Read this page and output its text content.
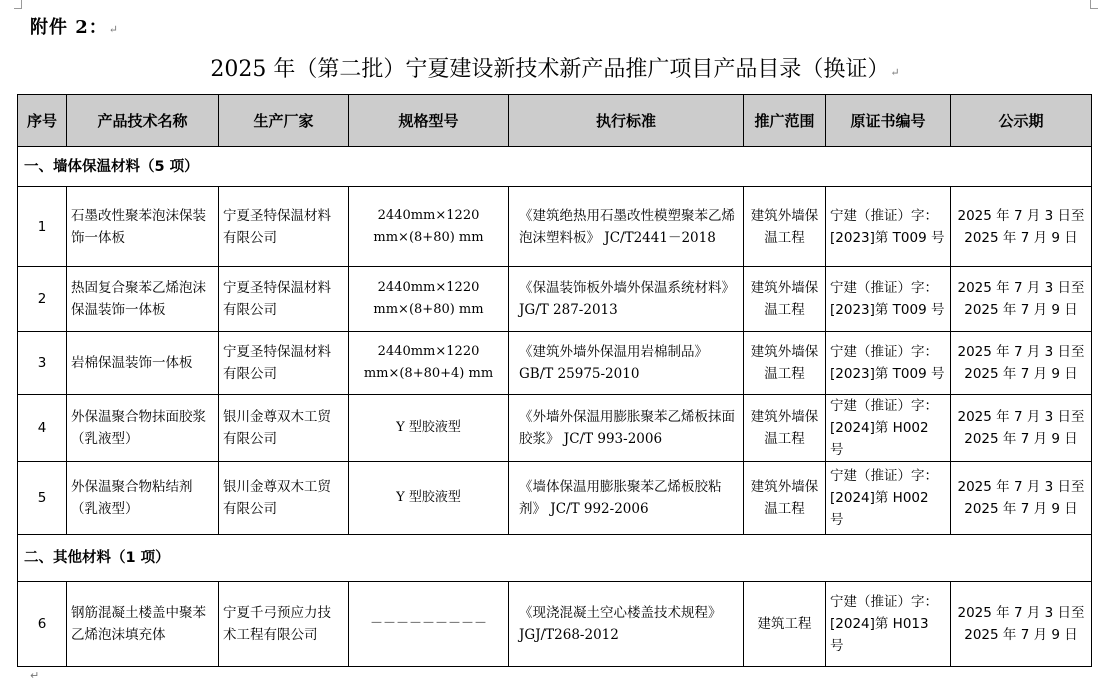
附件 2：↵
2025 年（第二批）宁夏建设新技术新产品推广项目产品目录（换证）↵
序号	产品技术名称	生产厂家	规格型号	执行标准	推广范围	原证书编号	公示期
一、墙体保温材料（5 项）							
1	石墨改性聚苯泡沫保装饰一体板	宁夏圣特保温材料有限公司	2440mm×1220 mm×(8+80) mm	《建筑绝热用石墨改性模塑聚苯乙烯泡沫塑料板》 JC/T2441－2018	建筑外墙保温工程	宁建（推证）字：[2023]第 T009 号	2025 年 7 月 3 日至 2025 年 7 月 9 日
2	热固复合聚苯乙烯泡沫保温装饰一体板	宁夏圣特保温材料有限公司	2440mm×1220 mm×(8+80) mm	《保温装饰板外墙外保温系统材料》 JG/T 287-2013	建筑外墙保温工程	宁建（推证）字：[2023]第 T009 号	2025 年 7 月 3 日至 2025 年 7 月 9 日
3	岩棉保温装饰一体板	宁夏圣特保温材料有限公司	2440mm×1220 mm×(8+80+4) mm	《建筑外墙外保温用岩棉制品》 GB/T 25975-2010	建筑外墙保温工程	宁建（推证）字：[2023]第 T009 号	2025 年 7 月 3 日至 2025 年 7 月 9 日
4	外保温聚合物抹面胶浆（乳液型）	银川金尊双木工贸有限公司	Y 型胶液型	《外墙外保温用膨胀聚苯乙烯板抹面胶浆》 JC/T 993-2006	建筑外墙保温工程	宁建（推证）字：[2024]第 H002 号	2025 年 7 月 3 日至 2025 年 7 月 9 日
5	外保温聚合物粘结剂（乳液型）	银川金尊双木工贸有限公司	Y 型胶液型	《墙体保温用膨胀聚苯乙烯板胶粘剂》 JC/T 992-2006	建筑外墙保温工程	宁建（推证）字：[2024]第 H002 号	2025 年 7 月 3 日至 2025 年 7 月 9 日
二、其他材料（1 项）							
6	钢筋混凝土楼盖中聚苯乙烯泡沫填充体	宁夏千弓预应力技术工程有限公司	－－－－－－－－－	《现浇混凝土空心楼盖技术规程》 JGJ/T268-2012	建筑工程	宁建（推证）字：[2024]第 H013 号	2025 年 7 月 3 日至 2025 年 7 月 9 日
↵
